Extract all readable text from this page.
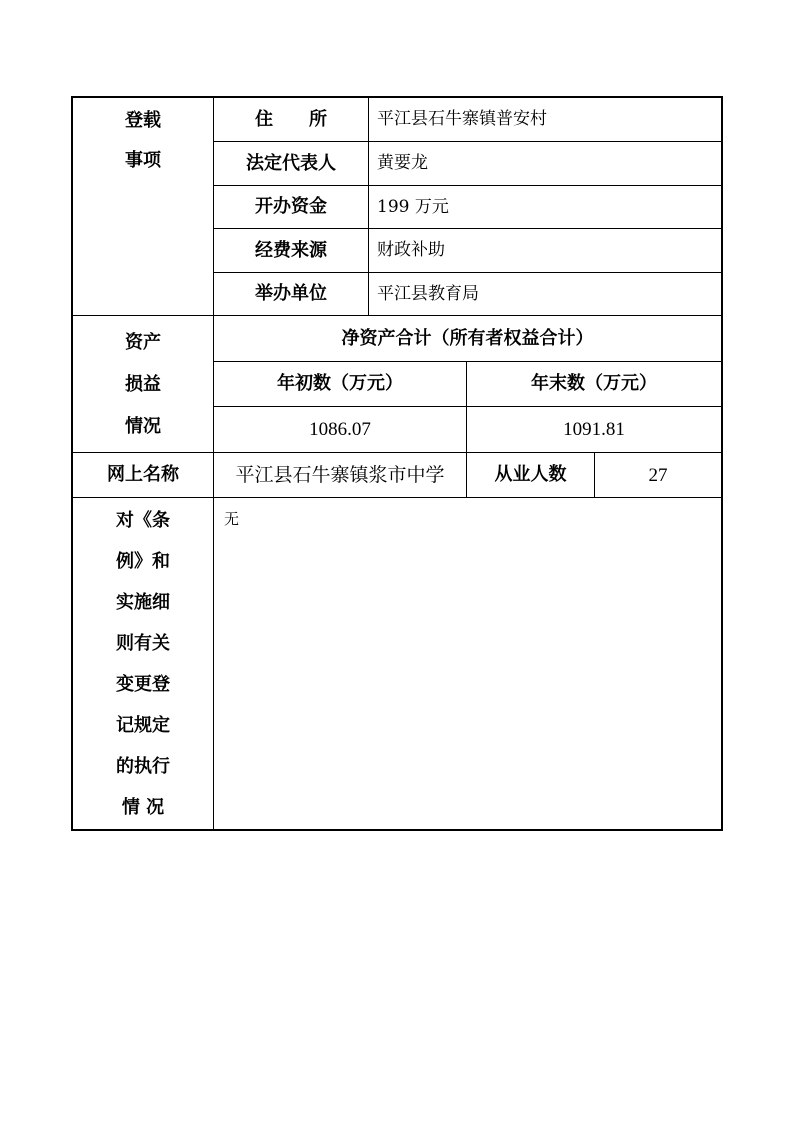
登载
事项
住　　所	平江县石牛寨镇普安村
法定代表人	黄要龙
开办资金	199 万元
经费来源	财政补助
举办单位	平江县教育局
资产
损益
情况
净资产合计（所有者权益合计）
年初数（万元）	年末数（万元）
1086.07	1091.81
网上名称	平江县石牛寨镇浆市中学	从业人数	27
对《条
例》和
实施细
则有关
变更登
记规定
的执行
情 况
无
